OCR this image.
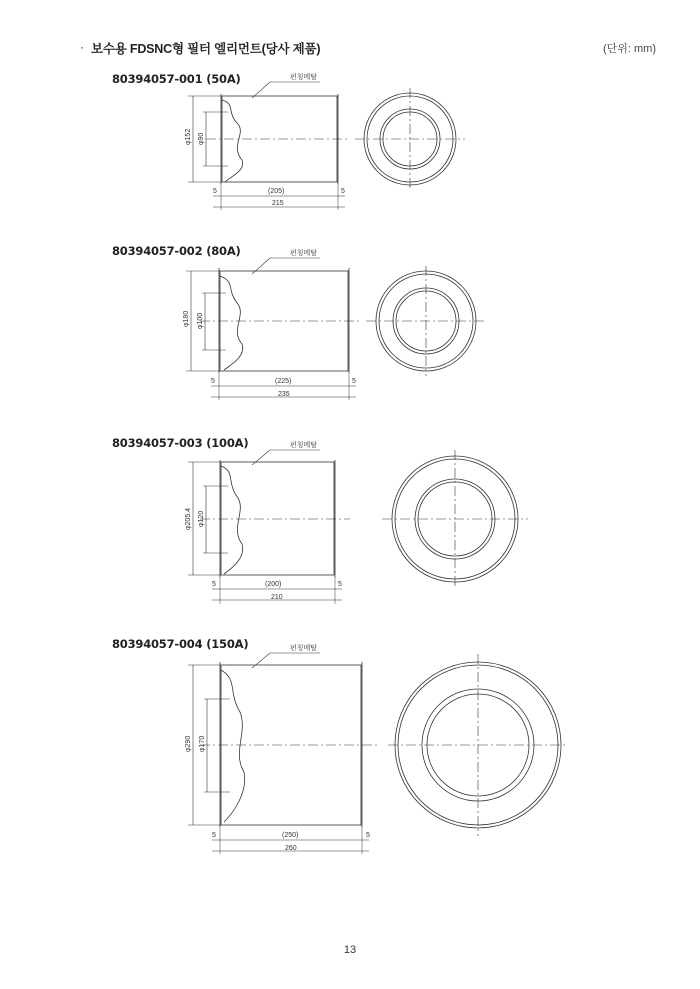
· 보수용 FDSNC형 필터 엘리먼트(당사 제품)	(단위: mm)
80394057-001 (50A)
φ152 φ90
5	(205)	5
215
펀칭메탈
80394057-002 (80A)
φ180 φ100
5	(225)	5
235
펀칭메탈
80394057-003 (100A)
φ205.4 φ120
5	(200)	5
210
펀칭메탈
80394057-004 (150A)
φ290 φ170
5	(250)	5
260
펀칭메탈
13
